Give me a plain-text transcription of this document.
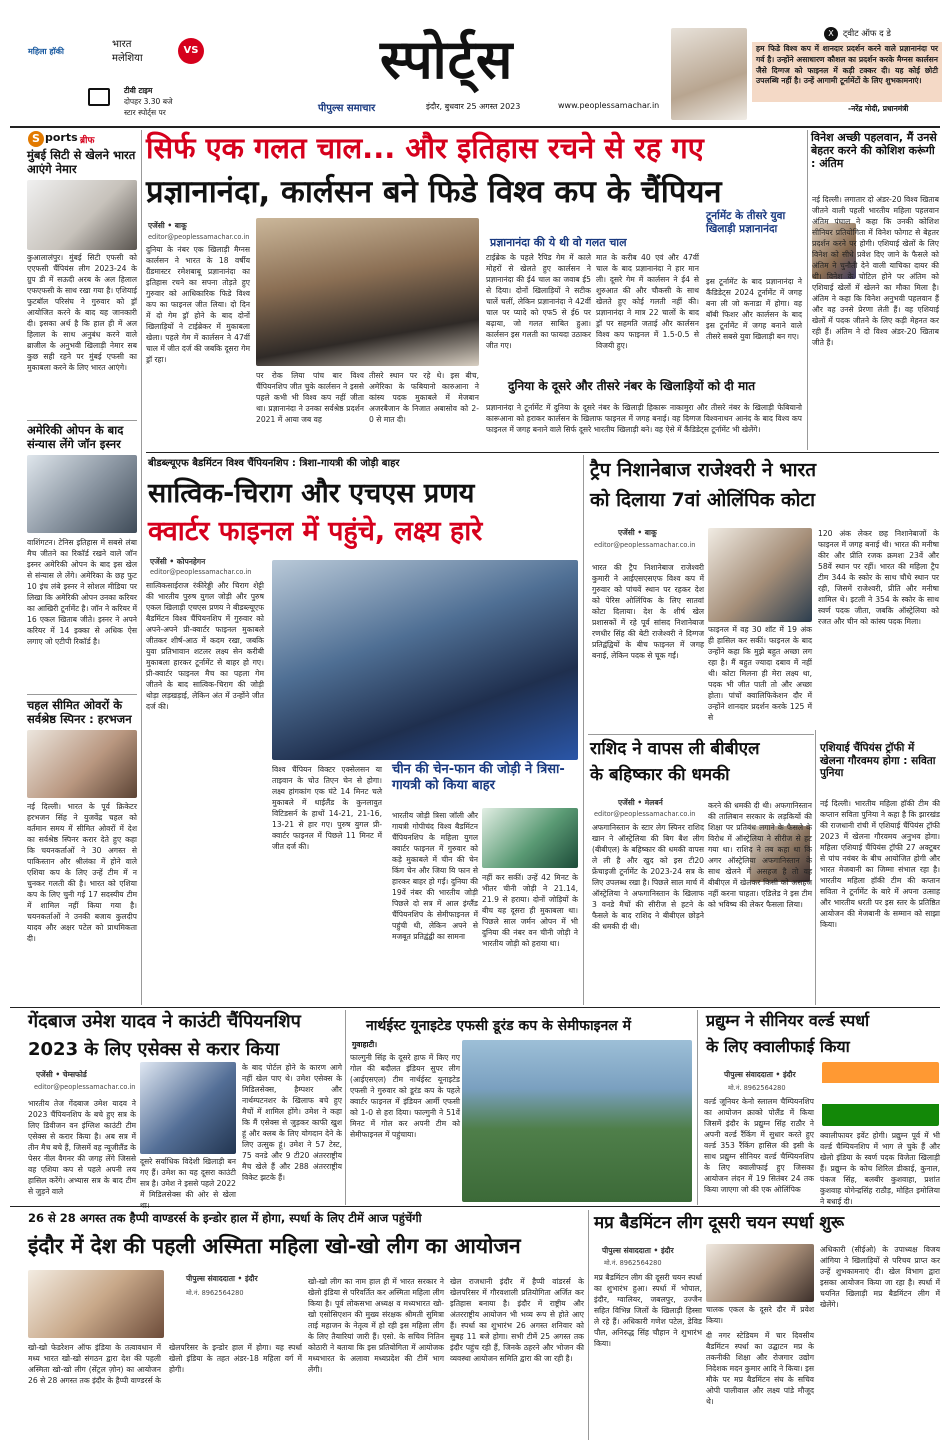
महिला हॉकी
भारत
मलेशिया
VS
टीवी टाइम
दोपहर 3.30 बजे
स्टार स्पोर्ट्स पर
स्पोर्ट्स
पीपुल्स समाचार	इंदौर, बुधवार 25 अगस्त 2023	www.peoplessamachar.in
X	ट्वीट ऑफ द डे
हम फिडे विश्व कप में शानदार प्रदर्शन करने वाले प्रज्ञानानंदा पर गर्व है। उन्होंने असाधारण कौशल का प्रदर्शन करके मैग्नस कार्लसन जैसे दिग्गज को फाइनल में कड़ी टक्कर दी। यह कोई छोटी उपलब्धि नहीं है। उन्हें आगामी टूर्नामेंटों के लिए शुभकामनाएं।
-नरेंद्र मोदी, प्रधानमंत्री
S ports ब्रीफ
मुंबई सिटी से खेलने भारत आएंगे नेमार
कुआलालंपुर। मुंबई सिटी एफसी को एएफसी चैंपियंस लीग 2023-24 के ग्रुप डी में सऊदी अरब के अल हिलाल एफएफसी के साथ रखा गया है। एशियाई फुटबॉल परिसंघ ने गुरुवार को ड्रॉ आयोजित करने के बाद यह जानकारी दी। इसका अर्थ है कि हाल ही में अल हिलाल के साथ अनुबंध करने वाले ब्राजील के अनुभवी खिलाड़ी नेमार सब कुछ सही रहने पर मुंबई एफसी का मुकाबला करने के लिए भारत आएंगे।
अमेरिकी ओपन के बाद संन्यास लेंगे जॉन इस्नर
वाशिंगटन। टेनिस इतिहास में सबसे लंबा मैच जीतने का रिकॉर्ड रखने वाले जॉन इस्नर अमेरिकी ओपन के बाद इस खेल से संन्यास ले लेंगे। अमेरिका के छह फुट 10 इंच लंबे इस्नर ने सोशल मीडिया पर लिखा कि अमेरिकी ओपन उनका करियर का आखिरी टूर्नामेंट है। जॉन ने करियर में 16 एकल खिताब जीते। इस्नर ने अपने करियर में 14 इक्का से अधिक ऐस लगाए जो एटीपी रिकॉर्ड है।
चहल सीमित ओवरों के सर्वश्रेष्ठ स्पिनर : हरभजन
नई दिल्ली। भारत के पूर्व क्रिकेटर हरभजन सिंह ने युजवेंद्र चहल को वर्तमान समय में सीमित ओवरों में देश का सर्वश्रेष्ठ स्पिनर करार देते हुए कहा कि चयनकर्ताओं ने 30 अगस्त से पाकिस्तान और श्रीलंका में होने वाले एशिया कप के लिए उन्हें टीम में न चुनकर गलती की है। भारत को एशिया कप के लिए चुनी गई 17 सदस्यीय टीम में शामिल नहीं किया गया है। चयनकर्ताओं ने उनकी बजाय कुलदीप यादव और अक्षर पटेल को प्राथमिकता दी।
सिर्फ एक गलत चाल... और इतिहास रचने से रह गए
प्रज्ञानानंदा, कार्लसन बने फिडे विश्व कप के चैंपियन
एजेंसी • बाकू
editor@peoplessamachar.co.in
दुनिया के नंबर एक खिलाड़ी मैग्नस कार्लसन ने भारत के 18 वर्षीय ग्रैंडमास्टर रमेशबाबू प्रज्ञानानंदा का इतिहास रचने का सपना तोड़ते हुए गुरुवार को आधिकारिक फिडे विश्व कप का फाइनल जीत लिया। दो दिन में दो गेम ड्रॉ होने के बाद दोनों खिलाड़ियों ने टाईब्रेकर में मुकाबला खेला। पहले गेम में कार्लसन ने 47वीं चाल में जीत दर्ज की जबकि दूसरा गेम ड्रॉ रहा।
पर रोक लिया पांच बार विश्व चैंपियनशिप जीत चुके कार्लसन ने इससे पहले कभी भी विश्व कप नहीं जीता था। प्रज्ञानानंदा ने उनका सर्वश्रेष्ठ प्रदर्शन 2021 में आया जब वह
तीसरे स्थान पर रहे थे। इस बीच, अमेरिका के फबियानो कारुआना ने कांस्य पदक मुकाबले में मेजबान अजरबैजान के निजात अबासोव को 2-0 से मात दी।
प्रज्ञानानंदा की ये थी वो गलत चाल
टाईब्रेक के पहले रैपिड गेम में काले मोहरों से खेलते हुए कार्लसन ने प्रज्ञानानंदा की ई4 चाल का जवाब ई5 से दिया। दोनों खिलाड़ियों ने सटीक चालें चलीं, लेकिन प्रज्ञानानंदा ने 42वीं चाल पर प्यादे को एफ5 से ई6 पर बढ़ाया, जो गलत साबित हुआ। कार्लसन इस गलती का फायदा उठाकर जीत गए।
मात के करीब 40 एवं और 47वीं चाल के बाद प्रज्ञानानंदा ने हार मान ली। दूसरे गेम में कार्लसन ने ई4 से शुरुआत की और चौकसी के साथ खेलते हुए कोई गलती नहीं की। प्रज्ञानानंदा ने मात्र 22 चालों के बाद ड्रॉ पर सहमति जताई और कार्लसन विश्व कप फाइनल में 1.5-0.5 से विजयी हुए।
टूर्नामेंट के तीसरे युवा खिलाड़ी प्रज्ञानानंदा
इस टूर्नामेंट के बाद प्रज्ञानानंदा ने कैंडिडेट्स 2024 टूर्नामेंट में जगह बना ली जो कनाडा में होगा। वह बॉबी फिशर और कार्लसन के बाद इस टूर्नामेंट में जगह बनाने वाले तीसरे सबसे युवा खिलाड़ी बन गए।
दुनिया के दूसरे और तीसरे नंबर के खिलाड़ियों को दी मात
प्रज्ञानानंदा ने टूर्नामेंट में दुनिया के दूसरे नंबर के खिलाड़ी हिकारू नाकामुरा और तीसरे नंबर के खिलाड़ी फेबियानो कारूआना को हराकर कार्लसन के खिलाफ फाइनल में जगह बनाई। वह दिग्गज विश्वनाथन आनंद के बाद विश्व कप फाइनल में जगह बनाने वाले सिर्फ दूसरे भारतीय खिलाड़ी बने। वह ऐसे में कैंडिडेट्स टूर्नामेंट भी खेलेंगे।
विनेश अच्छी पहलवान, मैं उनसे बेहतर करने की कोशिश करूंगी : अंतिम
नई दिल्ली। लगातार दो अंडर-20 विश्व खिताब जीतने वाली पहली भारतीय महिला पहलवान अंतिम पंघाल ने कहा कि उनकी कोशिश सीनियर प्रतियोगिता में विनेश फोगाट से बेहतर प्रदर्शन करने पर होगी। एशियाई खेलों के लिए विनेश को सीधे प्रवेश दिए जाने के फैसले को अंतिम ने चुनौती देने वाली याचिका दायर की थी। विनेश के चोटिल होने पर अंतिम को एशियाई खेलों में खेलने का मौका मिला है। अंतिम ने कहा कि विनेश अनुभवी पहलवान हैं और वह उनसे प्रेरणा लेती हैं। वह एशियाई खेलों में पदक जीतने के लिए कड़ी मेहनत कर रही हैं। अंतिम ने दो विश्व अंडर-20 खिताब जीते हैं।
बीडब्ल्यूएफ बैडमिंटन विश्व चैंपियनशिप : त्रिशा-गायत्री की जोड़ी बाहर
सात्विक-चिराग और एचएस प्रणय
क्वार्टर फाइनल में पहुंचे, लक्ष्य हारे
एजेंसी • कोपनहेगन
editor@peoplessamachar.co.in
सात्विकसाईराज रंकीरेड्डी और चिराग शेट्टी की भारतीय पुरुष युगल जोड़ी और पुरुष एकल खिलाड़ी एचएस प्रणय ने बीडब्ल्यूएफ बैडमिंटन विश्व चैंपियनशिप में गुरुवार को अपने-अपने प्री-क्वार्टर फाइनल मुकाबले जीतकर शीर्ष-आठ में कदम रखा, जबकि युवा प्रतिभावान शटलर लक्ष्य सेन करीबी मुकाबला हारकर टूर्नामेंट से बाहर हो गए। प्री-क्वार्टर फाइनल मैच का पहला गेम जीतने के बाद सात्विक-चिराग की जोड़ी थोड़ा लड़खड़ाई, लेकिन अंत में उन्होंने जीत दर्ज की।
विश्व चैंपियन विक्टर एक्सेलसन या ताइवान के चोउ तिएन चेन से होगा। लक्ष्य हांगकांग एक घंटे 14 मिनट चले मुकाबले में थाईलैंड के कुनलावुत विटिडसर्न के हाथों 14-21, 21-16, 13-21 से हार गए। पुरुष युगल प्री-क्वार्टर फाइनल में पिछले 11 मिनट में जीत दर्ज की।
चीन की चेन-फान की जोड़ी ने त्रिसा-गायत्री को किया बाहर
भारतीय जोड़ी त्रिसा जॉली और गायत्री गोपीचंद विश्व बैडमिंटन चैंपियनशिप के महिला युगल क्वार्टर फाइनल में गुरुवार को कड़े मुकाबले में चीन की चेन किंग चेन और जिया यि फान से हारकर बाहर हो गईं। दुनिया की 19वें नंबर की भारतीय जोड़ी पिछले दो सत्र में आल इंग्लैंड चैंपियनशिप के सेमीफाइनल में पहुंची थी, लेकिन अपने से मजबूत प्रतिद्वंद्वी का सामना
नहीं कर सकीं। उन्हें 42 मिनट के भीतर चीनी जोड़ी ने 21.14, 21.9 से हराया। दोनों जोड़ियों के बीच यह दूसरा ही मुकाबला था। पिछले साल जर्मन ओपन में भी दुनिया की नंबर वन चीनी जोड़ी ने भारतीय जोड़ी को हराया था।
ट्रैप निशानेबाज राजेश्वरी ने भारत
को दिलाया 7वां ओलिंपिक कोटा
एजेंसी • बाकू
editor@peoplessamachar.co.in
भारत की ट्रैप निशानेबाज राजेश्वरी कुमारी ने आईएसएसएफ विश्व कप में गुरुवार को पांचवें स्थान पर रहकर देश को पेरिस ओलिंपिक के लिए सातवां कोटा दिलाया। देश के शीर्ष खेल प्रशासकों में रहे पूर्व सांसद निशानेबाज रणधीर सिंह की बेटी राजेश्वरी ने दिग्गज प्रतिद्वंद्वियों के बीच फाइनल में जगह बनाई, लेकिन पदक से चूक गईं।
फाइनल में वह 30 शॉट में 19 अंक ही हासिल कर सकीं। फाइनल के बाद उन्होंने कहा कि मुझे बहुत अच्छा लग रहा है। मैं बहुत ज्यादा दबाव में नहीं थी। कोटा मिलना ही मेरा लक्ष्य था, पदक भी जीत पाती तो और अच्छा होता। पांचों क्वालिफिकेशन दौर में उन्होंने शानदार प्रदर्शन करके 125 में से
120 अंक लेकर छह निशानेबाजों के फाइनल में जगह बनाई थी। भारत की मनीषा कीर और प्रीति रजक क्रमशः 23वें और 58वें स्थान पर रहीं। भारत की महिला ट्रैप टीम 344 के स्कोर के साथ चौथे स्थान पर रही, जिसमें राजेश्वरी, प्रीति और मनीषा शामिल थे। इटली ने 354 के स्कोर के साथ स्वर्ण पदक जीता, जबकि ऑस्ट्रेलिया को रजत और चीन को कांस्य पदक मिला।
राशिद ने वापस ली बीबीएल
के बहिष्कार की धमकी
एजेंसी • मेलबर्न
editor@peoplessamachar.co.in
अफगानिस्तान के स्टार लेग स्पिनर राशिद खान ने ऑस्ट्रेलिया की बिग बैश लीग (बीबीएल) के बहिष्कार की धमकी वापस ले ली है और खुद को इस टी20 फ्रेंचाइजी टूर्नामेंट के 2023-24 सत्र के लिए उपलब्ध रखा है। पिछले साल मार्च में ऑस्ट्रेलिया ने अफगानिस्तान के खिलाफ 3 वनडे मैचों की सीरीज से हटने के फैसले के बाद राशिद ने बीबीएल छोड़ने की धमकी दी थी।
करने की धमकी दी थी। अफगानिस्तान की तालिबान सरकार के लड़कियों की शिक्षा पर प्रतिबंध लगाने के फैसले के विरोध में ऑस्ट्रेलिया ने सीरीज से हट गया था। राशिद ने तब कहा था कि अगर ऑस्ट्रेलिया अफगानिस्तान के साथ खेलने में असहज है तो वह बीबीएल में खेलकर किसी को असहज नहीं करना चाहता। एडिलेड ने इस टीम को भविष्य की लेकर फैसला लिया।
एशियाई चैंपियंस ट्रॉफी में खेलना गौरवमय होगा : सविता पुनिया
नई दिल्ली। भारतीय महिला हॉकी टीम की कप्तान सविता पुनिया ने कहा है कि झारखंड की राजधानी रांची में एशियाई चैंपियंस ट्रॉफी 2023 में खेलना गौरवमय अनुभव होगा। महिला एशियाई चैंपियंस ट्रॉफी 27 अक्टूबर से पांच नवंबर के बीच आयोजित होगी और भारत मेजबानी का जिम्मा संभाल रहा है। भारतीय महिला हॉकी टीम की कप्तान सविता ने टूर्नामेंट के बारे में अपना उत्साह और भारतीय धरती पर इस स्तर के प्रतिष्ठित आयोजन की मेजबानी के सम्मान को साझा किया।
गेंदबाज उमेश यादव ने काउंटी चैंपियनशिप
2023 के लिए एसेक्स से करार किया
एजेंसी • चेम्सफोर्ड
editor@peoplessamachar.co.in
भारतीय तेज गेंदबाज उमेश यादव ने 2023 चैंपियनशिप के बचे हुए सत्र के लिए डिवीजन वन इंग्लिश काउंटी टीम एसेक्स से करार किया है। अब सत्र में तीन मैच बचे हैं, जिसमें वह न्यूजीलैंड के पेसर नील वैगनर की जगह लेंगे जिससे वह एशिया कप से पहले अपनी लय हासिल करेंगे। अभ्यास सत्र के बाद टीम से जुड़ने वाले
दूसरे सर्वाधिक विदेशी खिलाड़ी बन गए हैं। उमेश का यह दूसरा काउंटी सत्र है। उमेश ने इससे पहले 2022 में मिडिलसेक्स की ओर से खेला
के बाद पोर्टल होने के कारण आगे नहीं खेल पाए थे। उमेश एसेक्स के मिडिलसेक्स, हैम्पशर और नार्थम्पटनशर के खिलाफ बचे हुए मैचों में शामिल होंगे। उमेश ने कहा कि मैं एसेक्स से जुड़कर काफी खुश हूं और क्लब के लिए योगदान देने के लिए उत्सुक हूं। उमेश ने 57 टेस्ट, 75 वनडे और 9 टी20 अंतरराष्ट्रीय मैच खेले हैं और 288 अंतरराष्ट्रीय विकेट झटके हैं।
नार्थईस्ट यूनाइटेड एफसी डूरंड कप के सेमीफाइनल में
गुवाहाटी।
फाल्गुनी सिंह के दूसरे हाफ में किए गए गोल की बदौलत इंडियन सुपर लीग (आईएसएल) टीम नार्थईस्ट यूनाइटेड एफसी ने गुरुवार को डूरंड कप के पहले क्वार्टर फाइनल में इंडियन आर्मी एफसी को 1-0 से हरा दिया। फाल्गुनी ने 51वें मिनट में गोल कर अपनी टीम को सेमीफाइनल में पहुंचाया।
प्रद्युम्न ने सीनियर वर्ल्ड स्पर्धा
के लिए क्वालीफाई किया
पीपुल्स संवाददाता • इंदौर
मो.नं. 8962564280
वर्ल्ड जूनियर केनो स्लालम चैम्पियनशिप का आयोजन क्राको पोलैंड में किया जिसमें इंदौर के प्रद्युम्न सिंह राठौर ने अपनी वर्ल्ड रैंकिंग में सुधार करते हुए वर्ल्ड 353 रैंकिंग हासिल की इसी के साथ प्रद्युम्न सीनियर वर्ल्ड चैम्पियनशिप के लिए क्वालीफाई हुए जिसका आयोजन लंदन में 19 सितंबर 24 तक किया जाएगा जो की एक ओलिंपिक
क्वालीफायर इवेंट होगी। प्रद्युम्न पूर्व में भी वर्ल्ड चैम्पियनशिप में भाग ले चुके हैं और खेलो इंडिया के स्वर्ण पदक विजेता खिलाड़ी हैं। प्रद्युम्न के कोच शिरिल डीकाई, कुनाल, पंकज सिंह, बलबीर कुशवाहा, प्रशांत कुशवाह योगेन्द्रसिंह राठौड़, मोहित इमोलिया ने बधाई दी।
26 से 28 अगस्त तक हैप्पी वाण्डरर्स के इन्डोर हाल में होगा, स्पर्धा के लिए टीमें आज पहुंचेंगी
इंदौर में देश की पहली अस्मिता महिला खो-खो लीग का आयोजन
पीपुल्स संवाददाता • इंदौर
मो.नं. 8962564280
खो-खो फेडरेशन ऑफ इंडिया के तत्वावधान में मध्य भारत खो-खो संगठन द्वारा देश की पहली अस्मिता खो-खो लीग (सेंट्रल ज़ोन) का आयोजन 26 से 28 अगस्त तक इंदौर के हैप्पी वाण्डरर्स के खेलपरिसर के इन्डोर हाल में होगा। यह स्पर्धा खेलो इंडिया के तहत अंडर-18 महिला वर्ग में होगी।
खो-खो लीग का नाम हाल ही में भारत सरकार ने खेलो इंडिया से परिवर्तित कर अस्मिता महिला लीग किया है। पूर्व लोकसभा अध्यक्ष व मध्यभारत खो-खो एसोसिएशन की मुख्य संरक्षक श्रीमती सुमित्रा ताई महाजन के नेतृत्व में हो रही इस महिला लीग के लिए तैयारियां जारी हैं। एसो. के सचिव नितिन कोठारी ने बताया कि इस प्रतियोगिता में आयोजक मध्यभारत के अलावा मध्यप्रदेश की टीमें भाग लेंगी।
खेल राजधानी इंदौर में हैप्पी वांडरर्स के खेलपरिसर में गौरवशाली प्रतियोगिता अर्जित कर इतिहास बनाया है। इंदौर में राष्ट्रीय और अंतरराष्ट्रीय आयोजन भी भव्य रूप से होते आए हैं। स्पर्धा का शुभारंभ 26 अगस्त शनिवार को सुबह 11 बजे होगा। सभी टीमें 25 अगस्त तक इंदौर पहुंच रही हैं, जिनके ठहरने और भोजन की व्यवस्था आयोजन समिति द्वारा की जा रही है।
मप्र बैडमिंटन लीग दूसरी चयन स्पर्धा शुरू
पीपुल्स संवाददाता • इंदौर
मो.नं. 8962564280
मप्र बैडमिंटन लीग की दूसरी चयन स्पर्धा का शुभारंभ हुआ। स्पर्धा में भोपाल, इंदौर, ग्वालियर, जबलपुर, उज्जैन सहित विभिन्न जिलों के खिलाड़ी हिस्सा ले रहे हैं। अधिकारी गणेश पटेल, डेविड पौल, अनिरुद्ध सिंह चौहान ने शुभारंभ किया।
चालक एकल के दूसरे दौर में प्रवेश किया।
दी नगर स्टेडियम में चार दिवसीय बैडमिंटन स्पर्धा का उद्घाटन मप्र के तकनीकी शिक्षा और रोजगार उद्योग निदेशक मदन कुमार आदि ने किया। इस मौके पर मप्र बैडमिंटन संघ के सचिव ओपी पालीवाल और लक्ष्य पांडे मौजूद थे।
अधिकारी (सीईओ) के उपाध्यक्ष विजय आंगिया ने खिलाड़ियों से परिचय प्राप्त कर उन्हें शुभकामनाएं दी। खेल विभाग द्वारा इसका आयोजन किया जा रहा है। स्पर्धा में चयनित खिलाड़ी मप्र बैडमिंटन लीग में खेलेंगे।
